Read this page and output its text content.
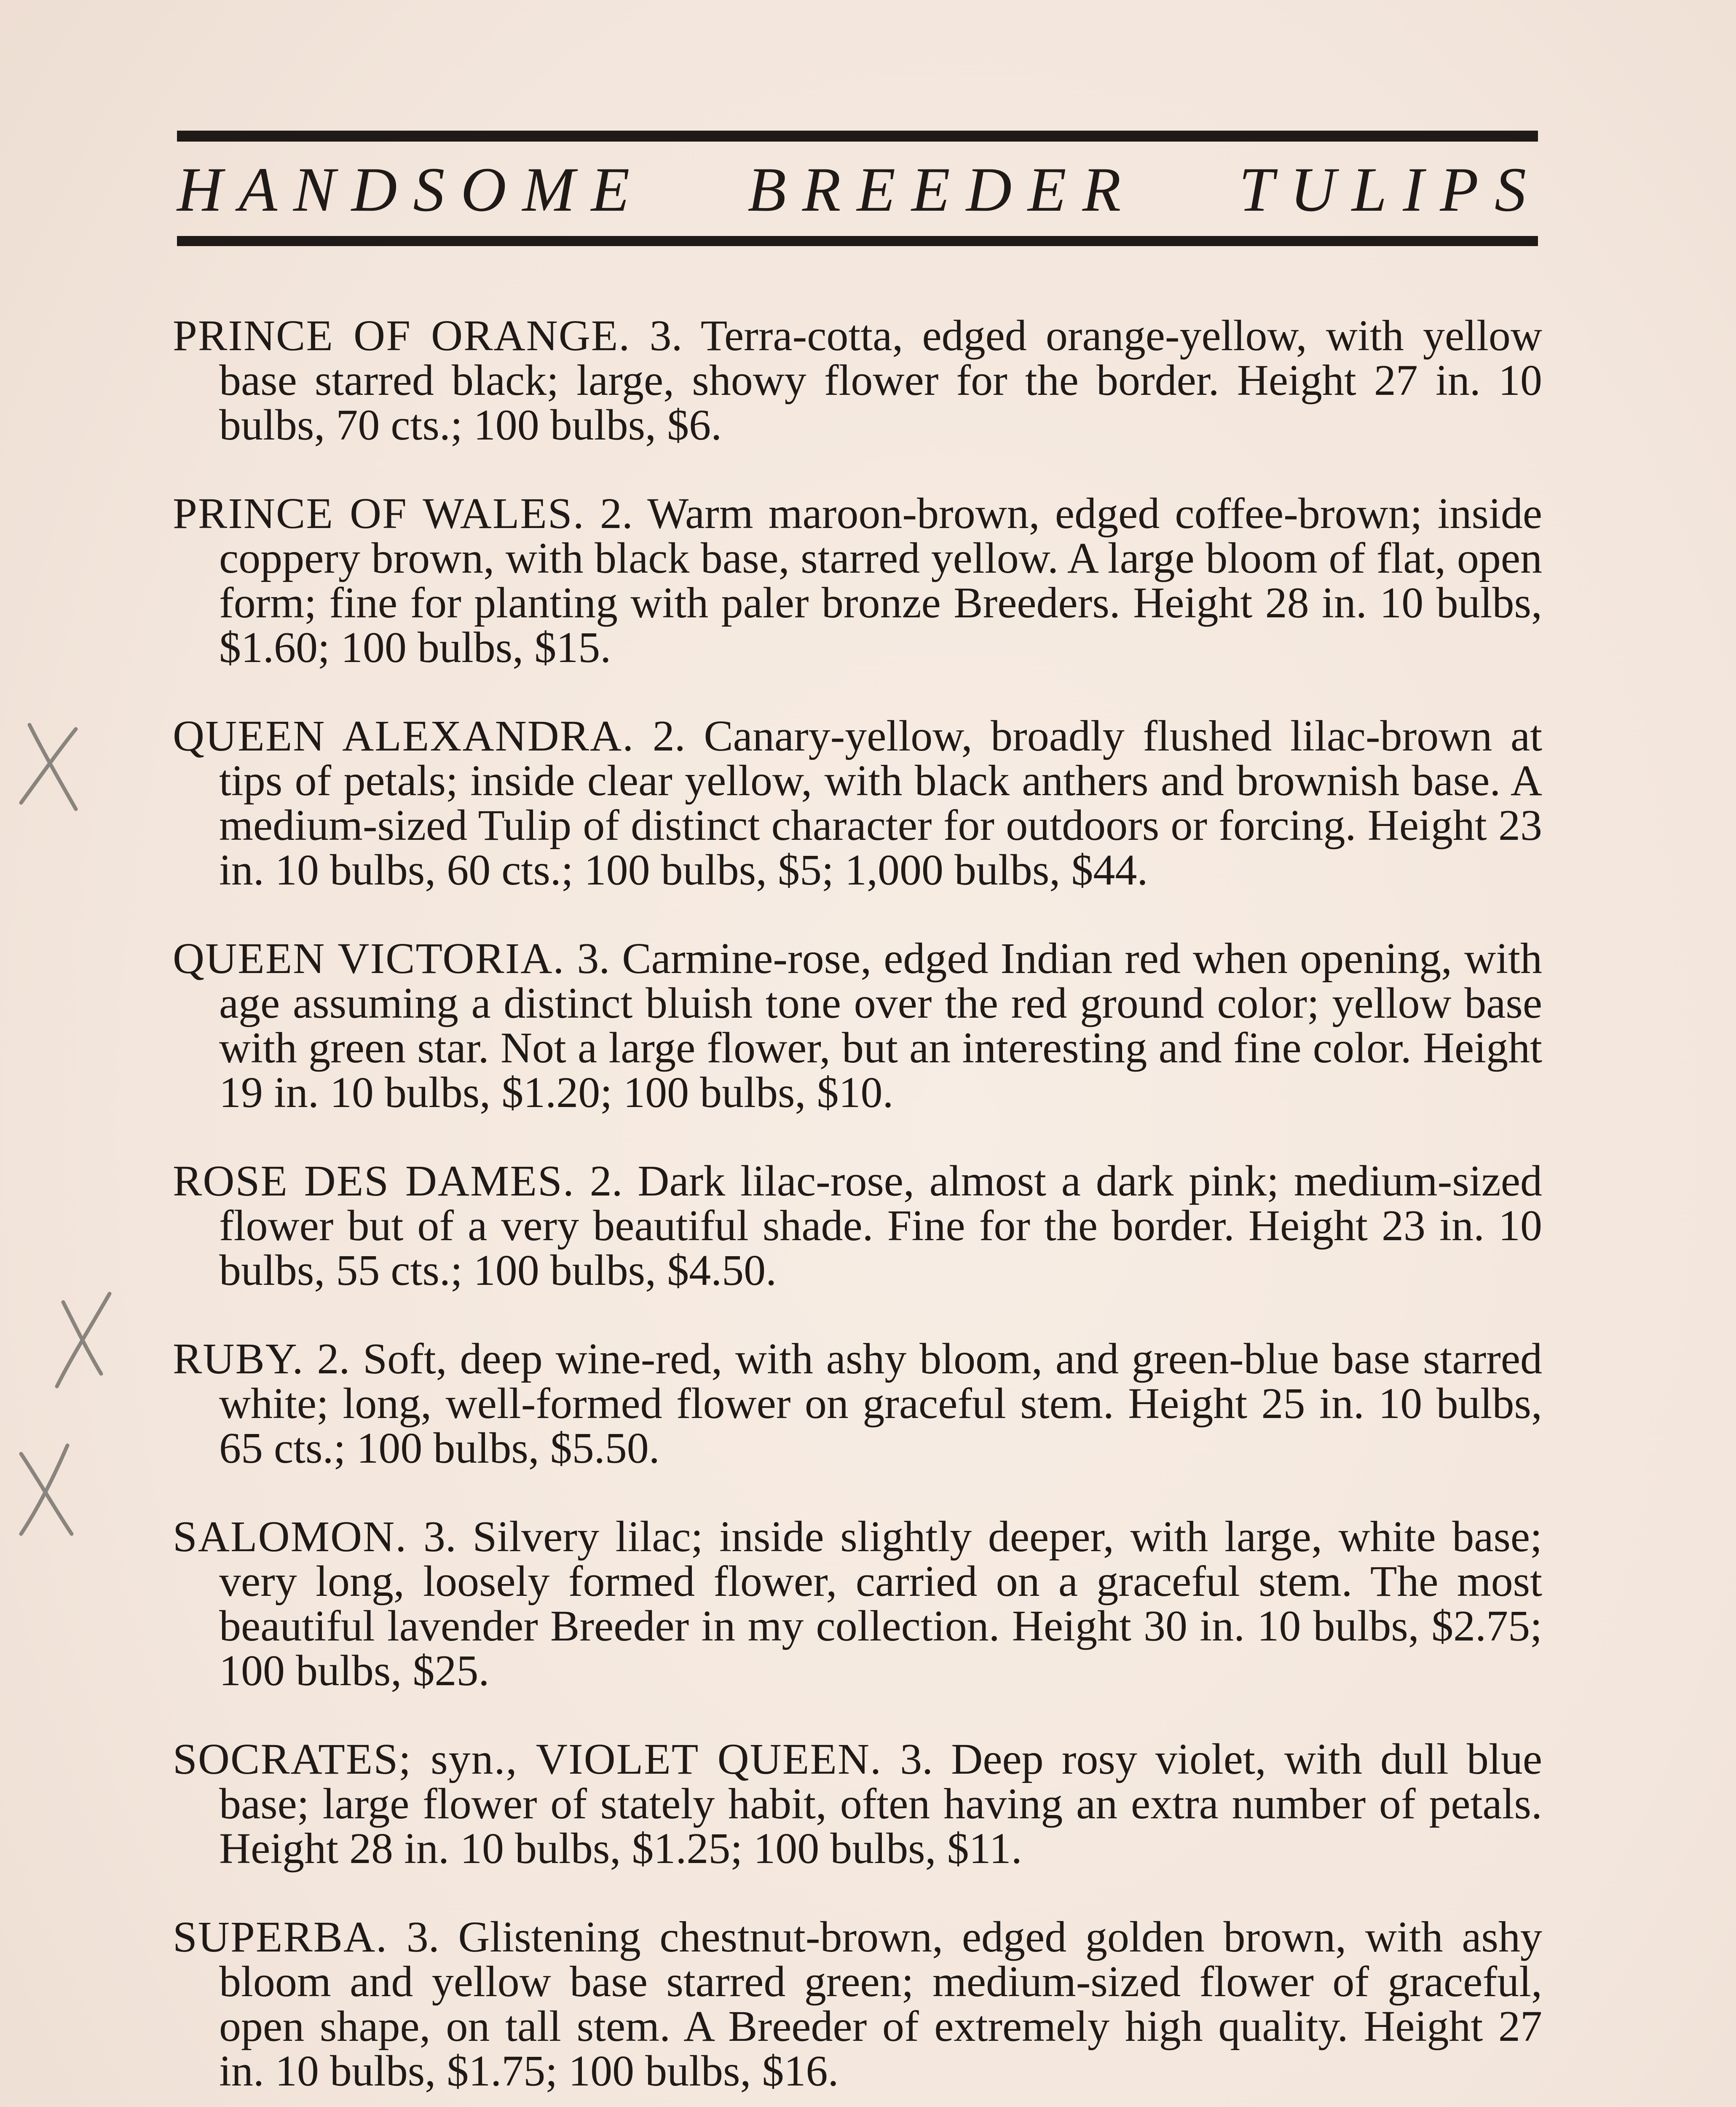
HANDSOME BREEDER TULIPS

PRINCE OF ORANGE. 3. Terra-cotta, edged orange-yellow, with yellow base starred black; large, showy flower for the border. Height 27 in. 10 bulbs, 70 cts.; 100 bulbs, $6.

PRINCE OF WALES. 2. Warm maroon-brown, edged coffee-brown; inside coppery brown, with black base, starred yellow. A large bloom of flat, open form; fine for planting with paler bronze Breeders. Height 28 in. 10 bulbs, $1.60; 100 bulbs, $15.

QUEEN ALEXANDRA. 2. Canary-yellow, broadly flushed lilac-brown at tips of petals; inside clear yellow, with black anthers and brownish base. A medium-sized Tulip of distinct character for outdoors or forcing. Height 23 in. 10 bulbs, 60 cts.; 100 bulbs, $5; 1,000 bulbs, $44.

QUEEN VICTORIA. 3. Carmine-rose, edged Indian red when opening, with age assuming a distinct bluish tone over the red ground color; yellow base with green star. Not a large flower, but an interesting and fine color. Height 19 in. 10 bulbs, $1.20; 100 bulbs, $10.

ROSE DES DAMES. 2. Dark lilac-rose, almost a dark pink; medium-sized flower but of a very beautiful shade. Fine for the border. Height 23 in. 10 bulbs, 55 cts.; 100 bulbs, $4.50.

RUBY. 2. Soft, deep wine-red, with ashy bloom, and green-blue base starred white; long, well-formed flower on graceful stem. Height 25 in. 10 bulbs, 65 cts.; 100 bulbs, $5.50.

SALOMON. 3. Silvery lilac; inside slightly deeper, with large, white base; very long, loosely formed flower, carried on a graceful stem. The most beautiful lavender Breeder in my collection. Height 30 in. 10 bulbs, $2.75; 100 bulbs, $25.

SOCRATES; syn., VIOLET QUEEN. 3. Deep rosy violet, with dull blue base; large flower of stately habit, often having an extra number of petals. Height 28 in. 10 bulbs, $1.25; 100 bulbs, $11.

SUPERBA. 3. Glistening chestnut-brown, edged golden brown, with ashy bloom and yellow base starred green; medium-sized flower of graceful, open shape, on tall stem. A Breeder of extremely high quality. Height 27 in. 10 bulbs, $1.75; 100 bulbs, $16.
